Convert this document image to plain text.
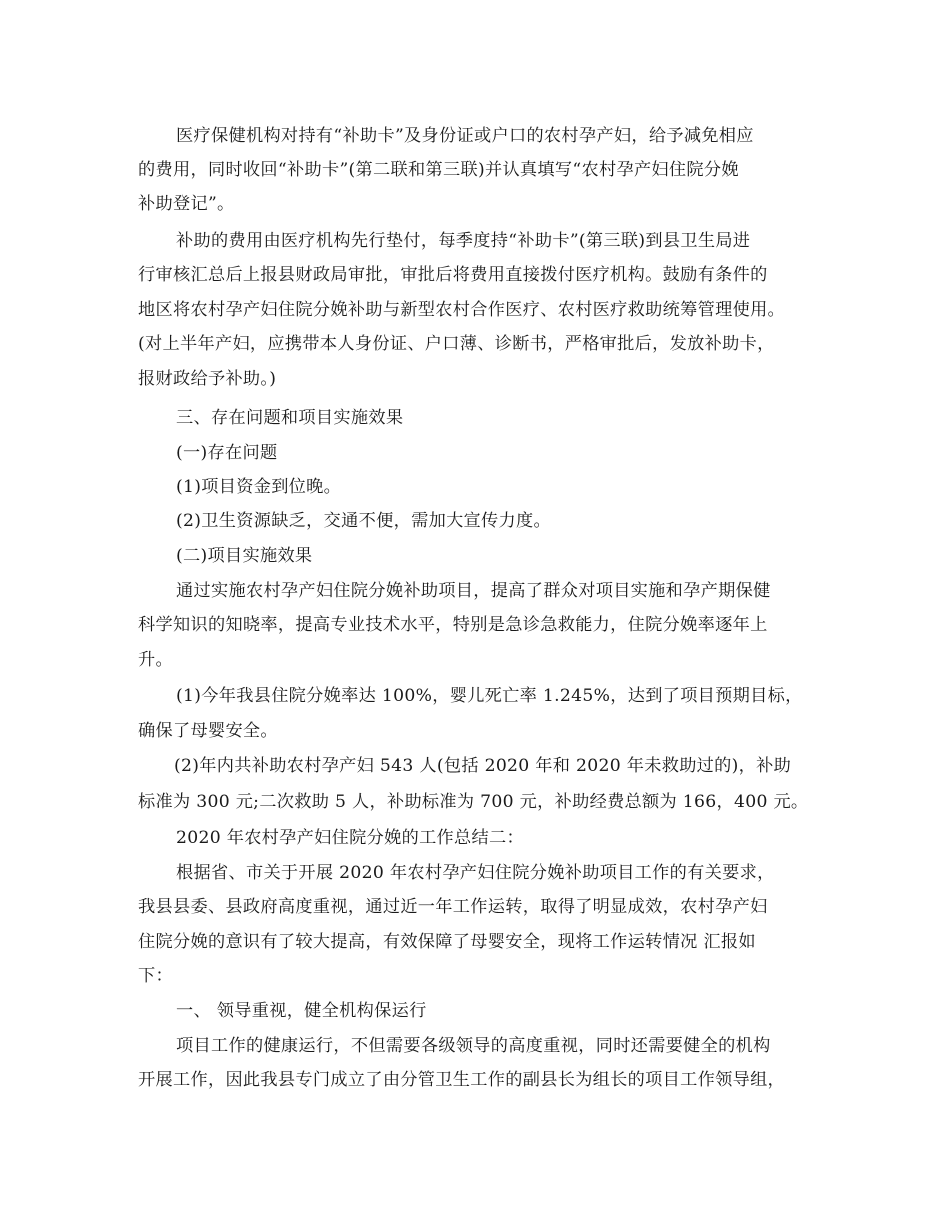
医疗保健机构对持有“补助卡”及身份证或户口的农村孕产妇，给予减免相应
的费用，同时收回“补助卡”(第二联和第三联)并认真填写“农村孕产妇住院分娩
补助登记”。
补助的费用由医疗机构先行垫付，每季度持“补助卡”(第三联)到县卫生局进
行审核汇总后上报县财政局审批，审批后将费用直接拨付医疗机构。鼓励有条件的
地区将农村孕产妇住院分娩补助与新型农村合作医疗、农村医疗救助统筹管理使用。
(对上半年产妇，应携带本人身份证、户口薄、诊断书，严格审批后，发放补助卡，
报财政给予补助。)
三、存在问题和项目实施效果
(一)存在问题
(1)项目资金到位晚。
(2)卫生资源缺乏，交通不便，需加大宣传力度。
(二)项目实施效果
通过实施农村孕产妇住院分娩补助项目，提高了群众对项目实施和孕产期保健
科学知识的知晓率，提高专业技术水平，特别是急诊急救能力，住院分娩率逐年上
升。
(1)今年我县住院分娩率达 100%，婴儿死亡率 1.245%，达到了项目预期目标，
确保了母婴安全。
(2)年内共补助农村孕产妇 543 人(包括 2020 年和 2020 年未救助过的)，补助
标准为 300 元;二次救助 5 人，补助标准为 700 元，补助经费总额为 166，400 元。
2020 年农村孕产妇住院分娩的工作总结二：
根据省、市关于开展 2020 年农村孕产妇住院分娩补助项目工作的有关要求，
我县县委、县政府高度重视，通过近一年工作运转，取得了明显成效，农村孕产妇
住院分娩的意识有了较大提高，有效保障了母婴安全，现将工作运转情况 汇报如
下：
一、 领导重视，健全机构保运行
项目工作的健康运行，不但需要各级领导的高度重视，同时还需要健全的机构
开展工作，因此我县专门成立了由分管卫生工作的副县长为组长的项目工作领导组，
